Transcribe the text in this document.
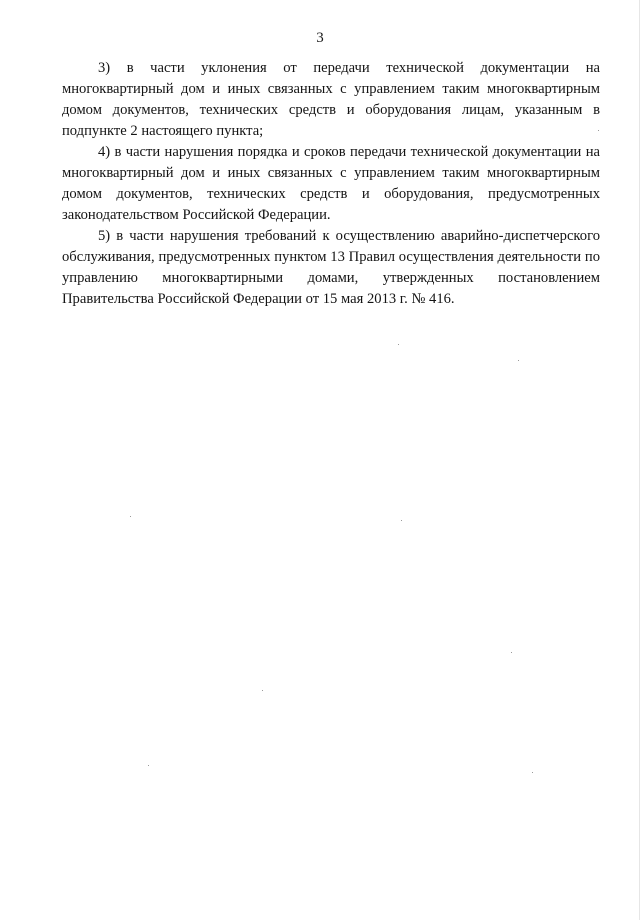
3

3) в части уклонения от передачи технической документации на многоквартирный дом и иных связанных с управлением таким многоквартирным домом документов, технических средств и оборудования лицам, указанным в подпункте 2 настоящего пункта;

4) в части нарушения порядка и сроков передачи технической документации на многоквартирный дом и иных связанных с управлением таким многоквартирным домом документов, технических средств и оборудования, предусмотренных законодательством Российской Федерации.

5) в части нарушения требований к осуществлению аварийно-диспетчерского обслуживания, предусмотренных пунктом 13 Правил осуществления деятельности по управлению многоквартирными домами, утвержденных постановлением Правительства Российской Федерации от 15 мая 2013 г. № 416.
